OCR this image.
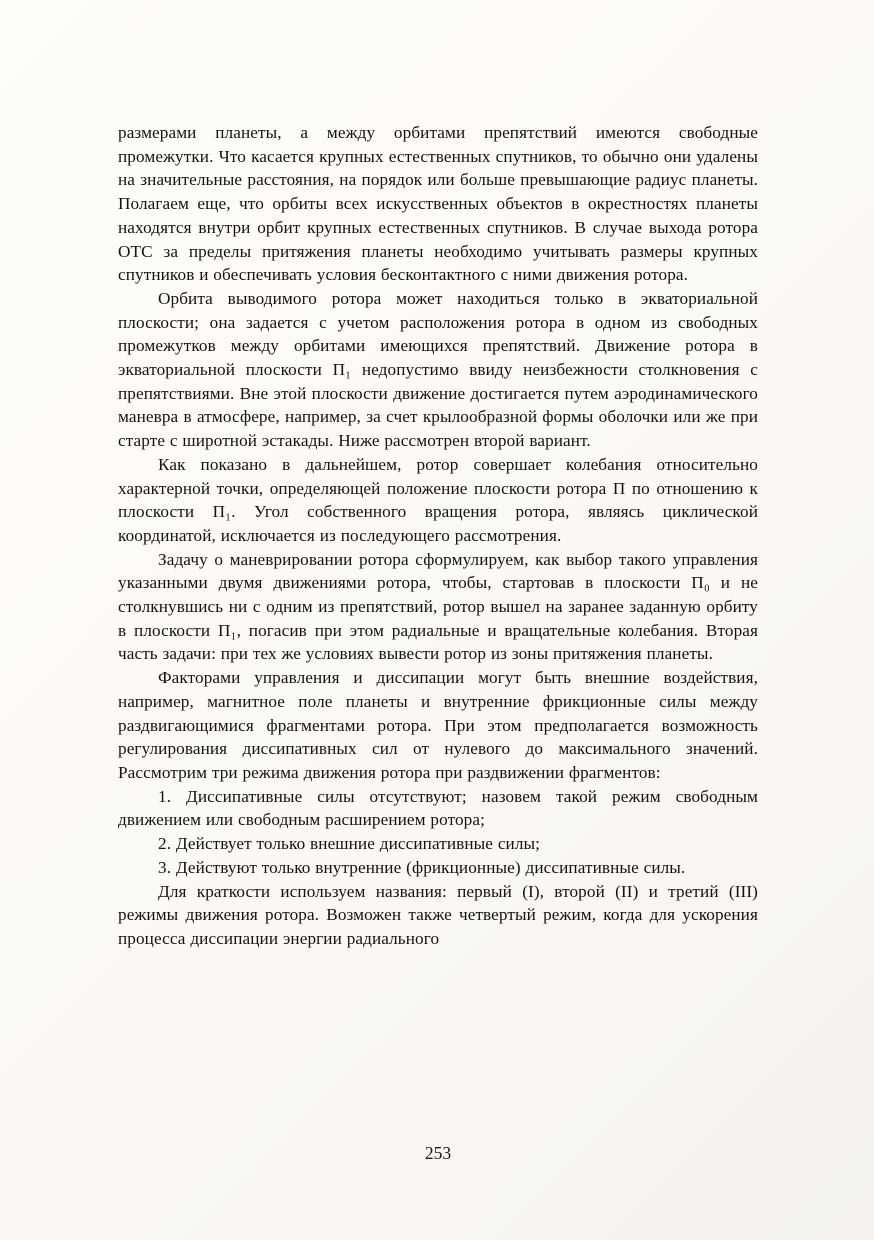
размерами планеты, а между орбитами препятствий имеются свободные промежутки. Что касается крупных естественных спутников, то обычно они удалены на значительные расстояния, на порядок или больше превышающие радиус планеты. Полагаем еще, что орбиты всех искусственных объектов в окрестностях планеты находятся внутри орбит крупных естественных спутников. В случае выхода ротора ОТС за пределы притяжения планеты необходимо учитывать размеры крупных спутников и обеспечивать условия бесконтактного с ними движения ротора.

Орбита выводимого ротора может находиться только в экваториальной плоскости; она задается с учетом расположения ротора в одном из свободных промежутков между орбитами имеющихся препятствий. Движение ротора в экваториальной плоскости П₁ недопустимо ввиду неизбежности столкновения с препятствиями. Вне этой плоскости движение достигается путем аэродинамического маневра в атмосфере, например, за счет крылообразной формы оболочки или же при старте с широтной эстакады. Ниже рассмотрен второй вариант.

Как показано в дальнейшем, ротор совершает колебания относительно характерной точки, определяющей положение плоскости ротора П по отношению к плоскости П₁. Угол собственного вращения ротора, являясь циклической координатой, исключается из последующего рассмотрения.

Задачу о маневрировании ротора сформулируем, как выбор такого управления указанными двумя движениями ротора, чтобы, стартовав в плоскости П₀ и не столкнувшись ни с одним из препятствий, ротор вышел на заранее заданную орбиту в плоскости П₁, погасив при этом радиальные и вращательные колебания. Вторая часть задачи: при тех же условиях вывести ротор из зоны притяжения планеты.

Факторами управления и диссипации могут быть внешние воздействия, например, магнитное поле планеты и внутренние фрикционные силы между раздвигающимися фрагментами ротора. При этом предполагается возможность регулирования диссипативных сил от нулевого до максимального значений. Рассмотрим три режима движения ротора при раздвижении фрагментов:

1. Диссипативные силы отсутствуют; назовем такой режим свободным движением или свободным расширением ротора;

2. Действует только внешние диссипативные силы;

3. Действуют только внутренние (фрикционные) диссипативные силы.

Для краткости используем названия: первый (I), второй (II) и третий (III) режимы движения ротора. Возможен также четвертый режим, когда для ускорения процесса диссипации энергии радиального

253
